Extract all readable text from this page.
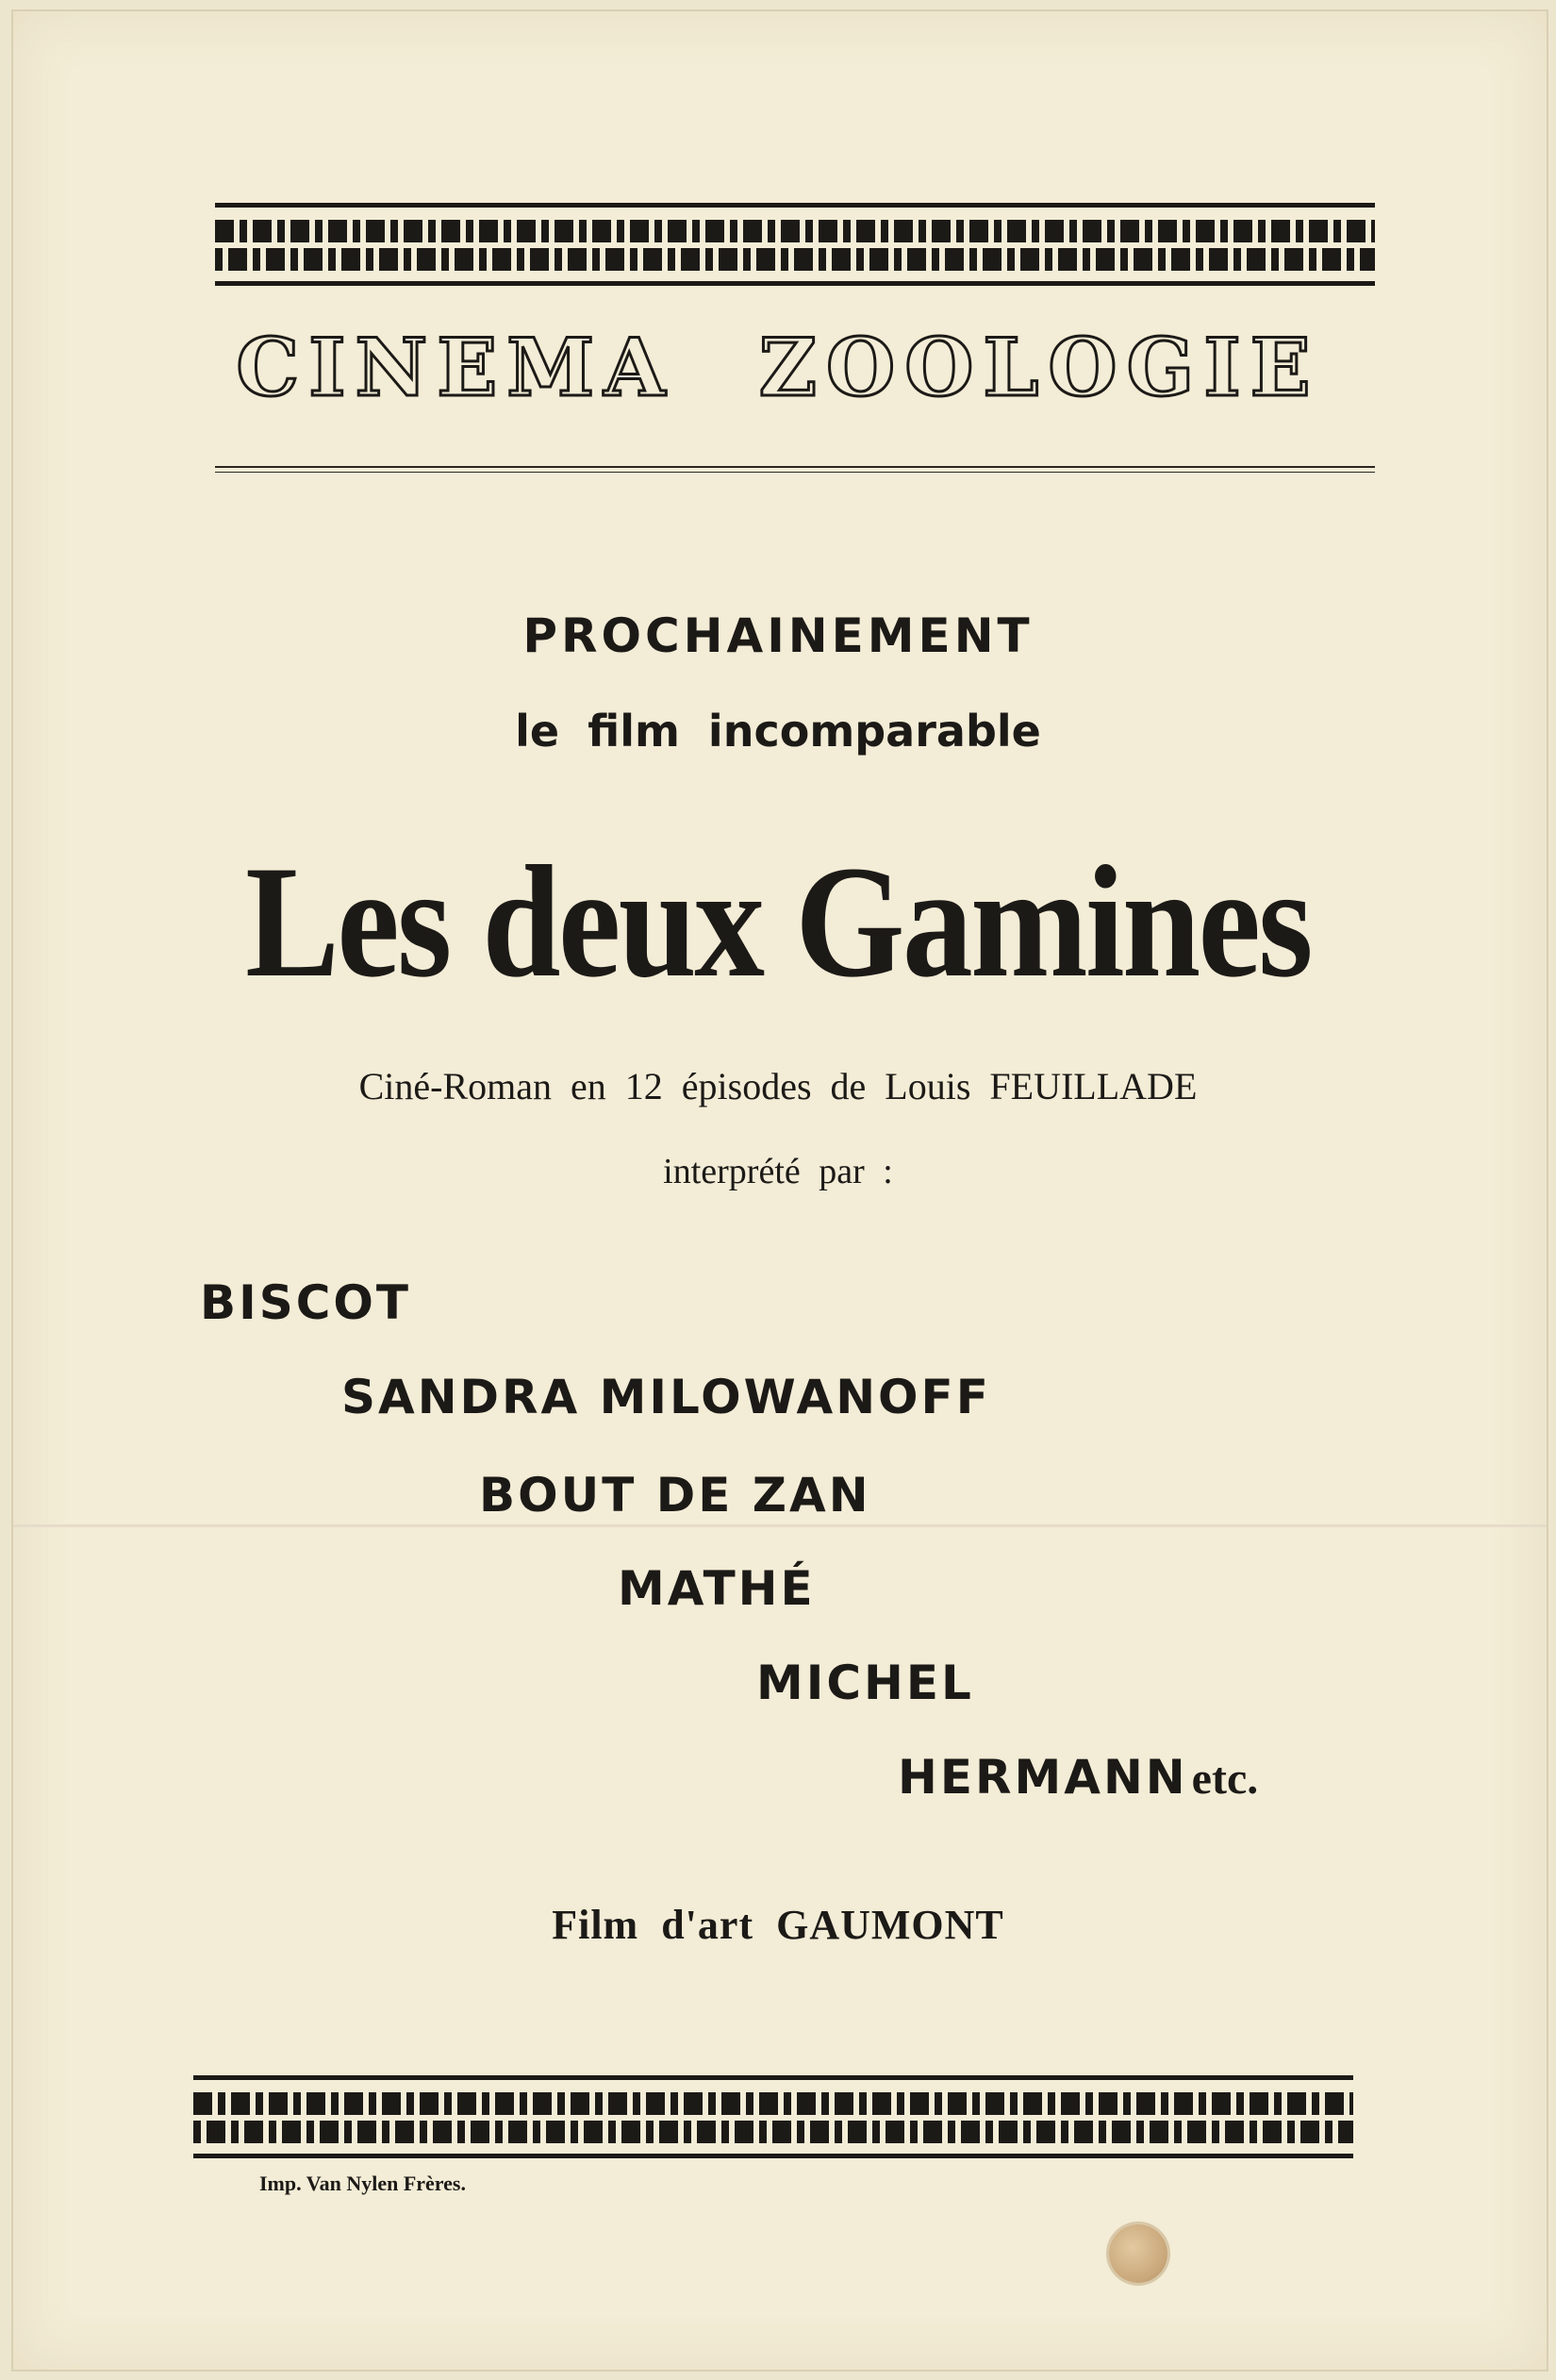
CINEMA ZOOLOGIE
PROCHAINEMENT
le film incomparable
Les deux Gamines
Ciné-Roman en 12 épisodes de Louis FEUILLADE
interprété par :
BISCOT
SANDRA MILOWANOFF
BOUT DE ZAN
MATHÉ
MICHEL
HERMANN etc.
Film d'art GAUMONT
Imp. Van Nylen Frères.
